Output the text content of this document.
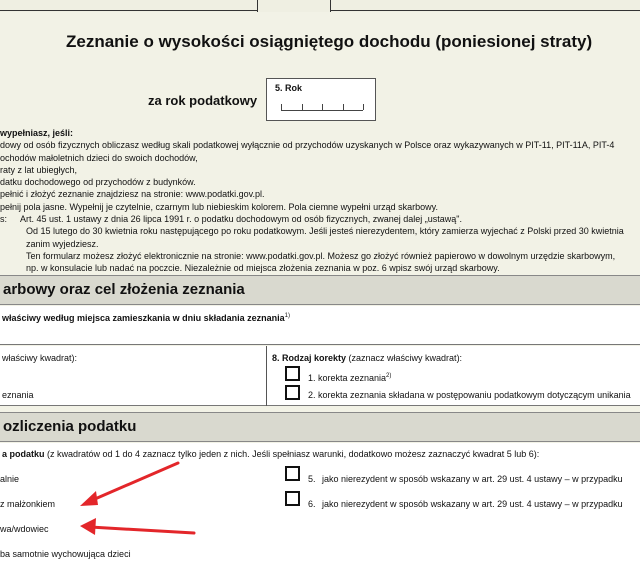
Zeznanie o wysokości osiągniętego dochodu (poniesionej straty)
za rok podatkowy
5. Rok
wypełniasz, jeśli:
dowy od osób fizycznych obliczasz według skali podatkowej wyłącznie od przychodów uzyskanych w Polsce oraz wykazywanych w PIT-11, PIT-11A, PIT-4
ochodów małoletnich dzieci do swoich dochodów,
raty z lat ubiegłych,
datku dochodowego od przychodów z budynków.
pełnić i złożyć zeznanie znajdziesz na stronie: www.podatki.gov.pl.
pełnij pola jasne. Wypełnij je czytelnie, czarnym lub niebieskim kolorem. Pola ciemne wypełni urząd skarbowy.
s: Art. 45 ust. 1 ustawy z dnia 26 lipca 1991 r. o podatku dochodowym od osób fizycznych, zwanej dalej „ustawą".
Od 15 lutego do 30 kwietnia roku następującego po roku podatkowym. Jeśli jesteś nierezydentem, który zamierza wyjechać z Polski przed 30 kwietnia
zanim wyjedziesz.
Ten formularz możesz złożyć elektronicznie na stronie: www.podatki.gov.pl. Możesz go złożyć również papierowo w dowolnym urzędzie skarbowym,
np. w konsulacie lub nadać na poczcie. Niezależnie od miejsca złożenia zeznania w poz. 6 wpisz swój urząd skarbowy.
arbowy oraz cel złożenia zeznania
właściwy według miejsca zamieszkania w dniu składania zeznania$^{1)}$
właściwy kwadrat):
eznania
8. Rodzaj korekty (zaznacz właściwy kwadrat):
1. korekta zeznania$^{2)}$
2. korekta zeznania składana w postępowaniu podatkowym dotyczącym unikania
ozliczenia podatku
a podatku (z kwadratów od 1 do 4 zaznacz tylko jeden z nich. Jeśli spełniasz warunki, dodatkowo możesz zaznaczyć kwadrat 5 lub 6):
alnie
z małżonkiem
wa/wdowiec
ba samotnie wychowująca dzieci
5. jako nierezydent w sposób wskazany w art. 29 ust. 4 ustawy – w przypadku
6. jako nierezydent w sposób wskazany w art. 29 ust. 4 ustawy – w przypadku
